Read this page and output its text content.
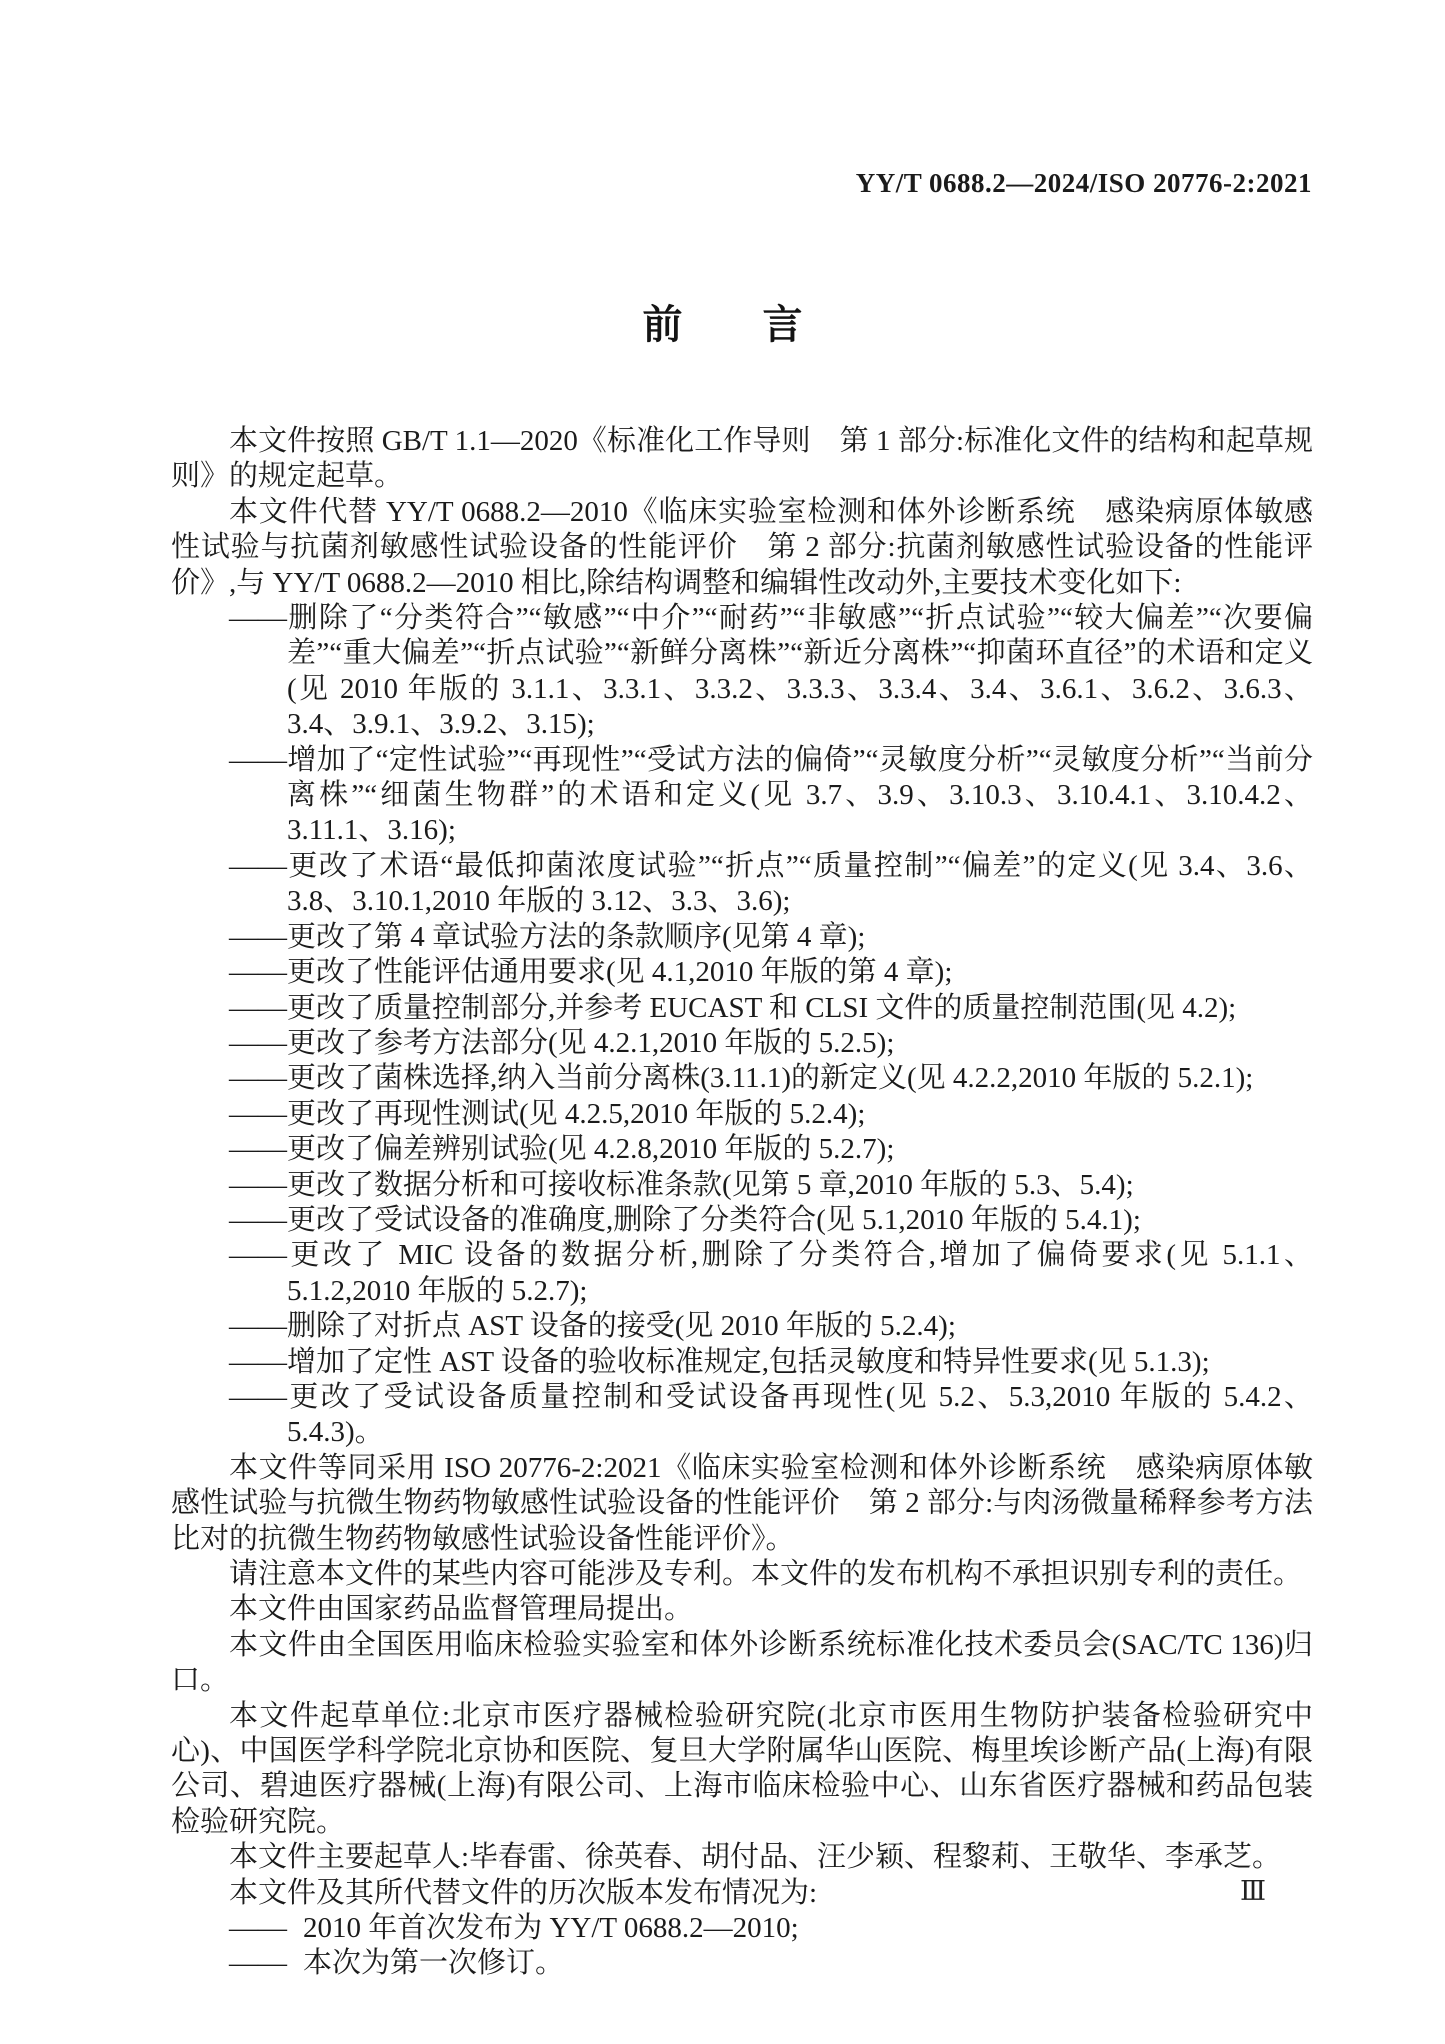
YY/T 0688.2—2024/ISO 20776-2:2021
前　　言

本文件按照 GB/T 1.1—2020《标准化工作导则　第 1 部分:标准化文件的结构和起草规则》的规定起草。

本文件代替 YY/T 0688.2—2010《临床实验室检测和体外诊断系统　感染病原体敏感性试验与抗菌剂敏感性试验设备的性能评价　第 2 部分:抗菌剂敏感性试验设备的性能评价》,与 YY/T 0688.2—2010 相比,除结构调整和编辑性改动外,主要技术变化如下:

——删除了“分类符合”“敏感”“中介”“耐药”“非敏感”“折点试验”“较大偏差”“次要偏差”“重大偏差”“折点试验”“新鲜分离株”“新近分离株”“抑菌环直径”的术语和定义(见 2010 年版的 3.1.1、3.3.1、3.3.2、3.3.3、3.3.4、3.4、3.6.1、3.6.2、3.6.3、3.4、3.9.1、3.9.2、3.15);

——增加了“定性试验”“再现性”“受试方法的偏倚”“灵敏度分析”“灵敏度分析”“当前分离株”“细菌生物群”的术语和定义(见 3.7、3.9、3.10.3、3.10.4.1、3.10.4.2、3.11.1、3.16);

——更改了术语“最低抑菌浓度试验”“折点”“质量控制”“偏差”的定义(见 3.4、3.6、3.8、3.10.1,2010 年版的 3.12、3.3、3.6);

——更改了第 4 章试验方法的条款顺序(见第 4 章);

——更改了性能评估通用要求(见 4.1,2010 年版的第 4 章);

——更改了质量控制部分,并参考 EUCAST 和 CLSI 文件的质量控制范围(见 4.2);

——更改了参考方法部分(见 4.2.1,2010 年版的 5.2.5);

——更改了菌株选择,纳入当前分离株(3.11.1)的新定义(见 4.2.2,2010 年版的 5.2.1);

——更改了再现性测试(见 4.2.5,2010 年版的 5.2.4);

——更改了偏差辨别试验(见 4.2.8,2010 年版的 5.2.7);

——更改了数据分析和可接收标准条款(见第 5 章,2010 年版的 5.3、5.4);

——更改了受试设备的准确度,删除了分类符合(见 5.1,2010 年版的 5.4.1);

——更改了 MIC 设备的数据分析,删除了分类符合,增加了偏倚要求(见 5.1.1、5.1.2,2010 年版的 5.2.7);

——删除了对折点 AST 设备的接受(见 2010 年版的 5.2.4);

——增加了定性 AST 设备的验收标准规定,包括灵敏度和特异性要求(见 5.1.3);

——更改了受试设备质量控制和受试设备再现性(见 5.2、5.3,2010 年版的 5.4.2、5.4.3)。

本文件等同采用 ISO 20776-2:2021《临床实验室检测和体外诊断系统　感染病原体敏感性试验与抗微生物药物敏感性试验设备的性能评价　第 2 部分:与肉汤微量稀释参考方法比对的抗微生物药物敏感性试验设备性能评价》。

请注意本文件的某些内容可能涉及专利。本文件的发布机构不承担识别专利的责任。

本文件由国家药品监督管理局提出。

本文件由全国医用临床检验实验室和体外诊断系统标准化技术委员会(SAC/TC 136)归口。

本文件起草单位:北京市医疗器械检验研究院(北京市医用生物防护装备检验研究中心)、中国医学科学院北京协和医院、复旦大学附属华山医院、梅里埃诊断产品(上海)有限公司、碧迪医疗器械(上海)有限公司、上海市临床检验中心、山东省医疗器械和药品包装检验研究院。

本文件主要起草人:毕春雷、徐英春、胡付品、汪少颖、程黎莉、王敬华、李承芝。

本文件及其所代替文件的历次版本发布情况为:

—— 2010 年首次发布为 YY/T 0688.2—2010;

—— 本次为第一次修订。

Ⅲ
